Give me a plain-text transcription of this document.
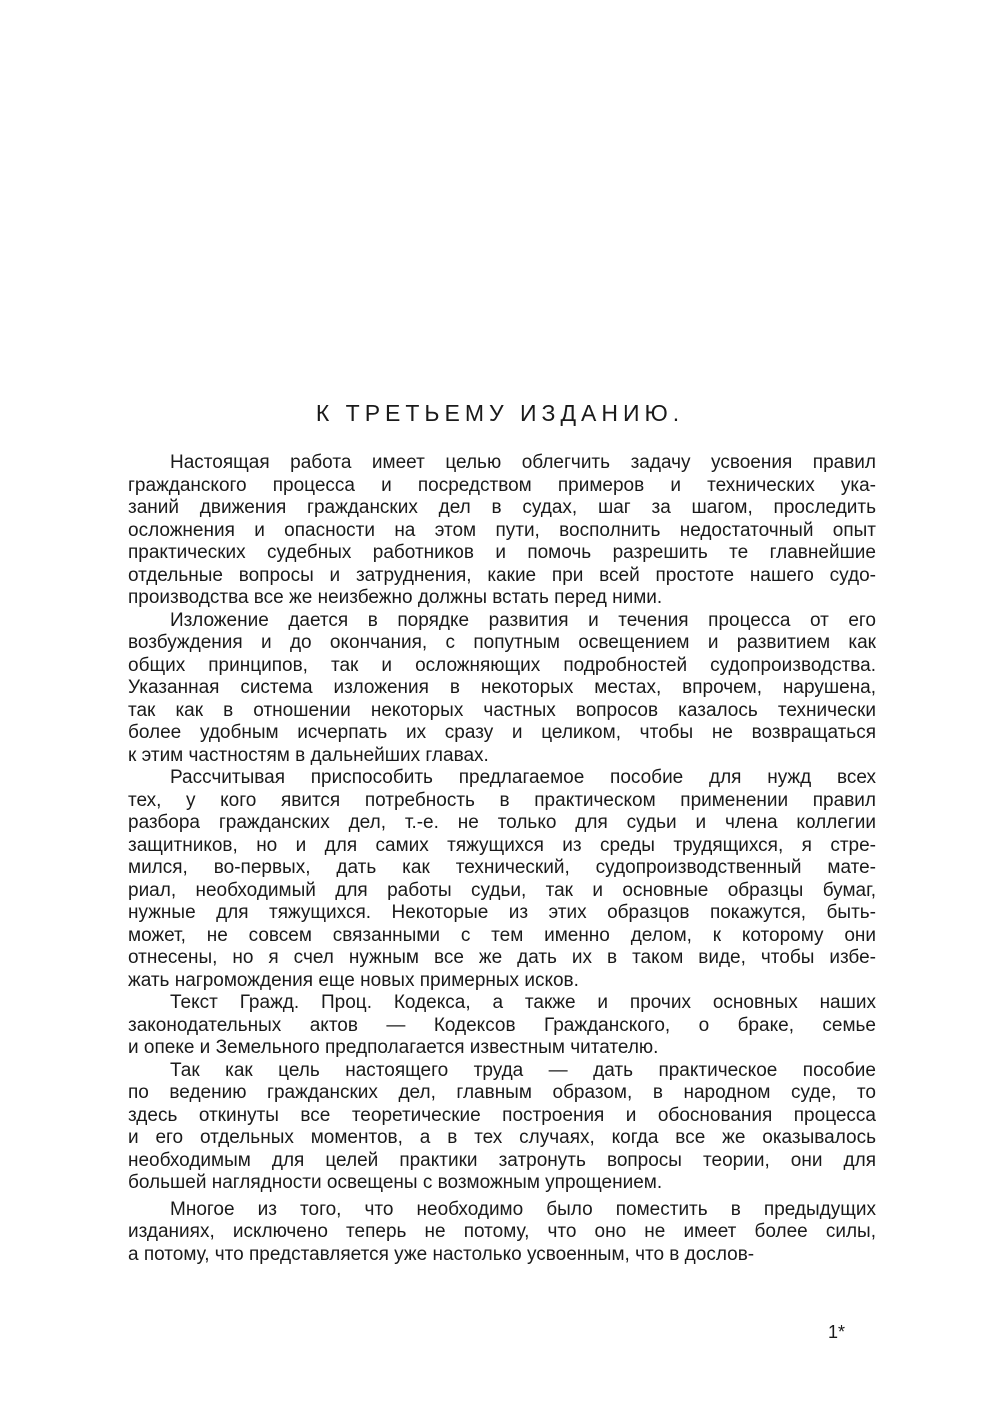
К ТРЕТЬЕМУ ИЗДАНИЮ.
Настоящая работа имеет целью облегчить задачу усвоения правил
гражданского процесса и посредством примеров и технических ука-
заний движения гражданских дел в судах, шаг за шагом, проследить
осложнения и опасности на этом пути, восполнить недостаточный опыт
практических судебных работников и помочь разрешить те главнейшие
отдельные вопросы и затруднения, какие при всей простоте нашего судо-
производства все же неизбежно должны встать перед ними.
Изложение дается в порядке развития и течения процесса от его
возбуждения и до окончания, с попутным освещением и развитием как
общих принципов, так и осложняющих подробностей судопроизводства.
Указанная система изложения в некоторых местах, впрочем, нарушена,
так как в отношении некоторых частных вопросов казалось технически
более удобным исчерпать их сразу и целиком, чтобы не возвращаться
к этим частностям в дальнейших главах.
Рассчитывая приспособить предлагаемое пособие для нужд всех
тех, у кого явится потребность в практическом применении правил
разбора гражданских дел, т.-е. не только для судьи и члена коллегии
защитников, но и для самих тяжущихся из среды трудящихся, я стре-
мился, во-первых, дать как технический, судопроизводственный мате-
риал, необходимый для работы судьи, так и основные образцы бумаг,
нужные для тяжущихся. Некоторые из этих образцов покажутся, быть-
может, не совсем связанными с тем именно делом, к которому они
отнесены, но я счел нужным все же дать их в таком виде, чтобы избе-
жать нагромождения еще новых примерных исков.
Текст Гражд. Проц. Кодекса, а также и прочих основных наших
законодательных актов — Кодексов Гражданского, о браке, семье
и опеке и Земельного предполагается известным читателю.
Так как цель настоящего труда — дать практическое пособие
по ведению гражданских дел, главным образом, в народном суде, то
здесь откинуты все теоретические построения и обоснования процесса
и его отдельных моментов, а в тех случаях, когда все же оказывалось
необходимым для целей практики затронуть вопросы теории, они для
большей наглядности освещены с возможным упрощением.
Многое из того, что необходимо было поместить в предыдущих
изданиях, исключено теперь не потому, что оно не имеет более силы,
а потому, что представляется уже настолько усвоенным, что в дослов-
1*
